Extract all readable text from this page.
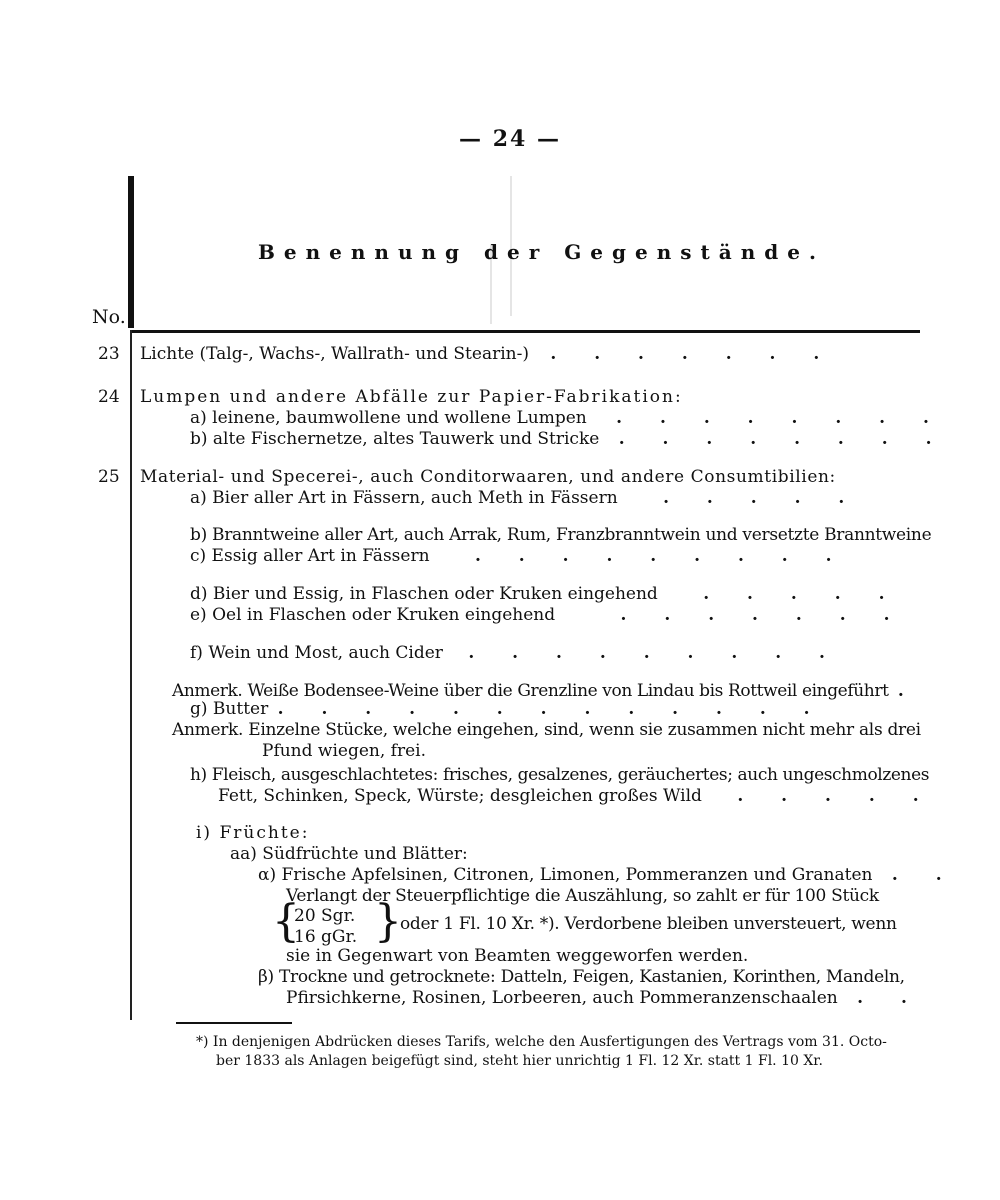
— 24 —
Benennung der Gegenstände.
No.
23	Lichte (Talg-, Wachs-, Wallrath- und Stearin-) . . . . . . .
24	Lumpen und andere Abfälle zur Papier-Fabrikation:
a) leinene, baumwollene und wollene Lumpen . . . . . . . .
b) alte Fischernetze, altes Tauwerk und Stricke . . . . . . . .
25	Material- und Specerei-, auch Conditorwaaren, und andere Consumtibilien:
a) Bier aller Art in Fässern, auch Meth in Fässern	. . . . .
b) Branntweine aller Art, auch Arrak, Rum, Franzbranntwein und versetzte Branntweine
c) Essig aller Art in Fässern	. . . . . . . . .
d) Bier und Essig, in Flaschen oder Kruken eingehend	. . . . .
e) Oel in Flaschen oder Kruken eingehend	. . . . . . .
f) Wein und Most, auch Cider . . . . . . . . .
Anmerk. Weiße Bodensee-Weine über die Grenzline von Lindau bis Rottweil eingeführt .
g) Butter . . . . . . . . . . . . .
Anmerk. Einzelne Stücke, welche eingehen, sind, wenn sie zusammen nicht mehr als drei
Pfund wiegen, frei.
h) Fleisch, ausgeschlachtetes: frisches, gesalzenes, geräuchertes; auch ungeschmolzenes
Fett, Schinken, Speck, Würste; desgleichen großes Wild . . . . .
i) Früchte:
aa) Südfrüchte und Blätter:
α) Frische Apfelsinen, Citronen, Limonen, Pommeranzen und Granaten . .
Verlangt der Steuerpflichtige die Auszählung, so zahlt er für 100 Stück
{
20 Sgr.
16 gGr. }
oder 1 Fl. 10 Xr. *). Verdorbene bleiben unversteuert, wenn
sie in Gegenwart von Beamten weggeworfen werden.
β) Trockne und getrocknete: Datteln, Feigen, Kastanien, Korinthen, Mandeln,
Pfirsichkerne, Rosinen, Lorbeeren, auch Pommeranzenschaalen . .
*) In denjenigen Abdrücken dieses Tarifs, welche den Ausfertigungen des Vertrags vom 31. Octo-
ber 1833 als Anlagen beigefügt sind, steht hier unrichtig 1 Fl. 12 Xr. statt 1 Fl. 10 Xr.
